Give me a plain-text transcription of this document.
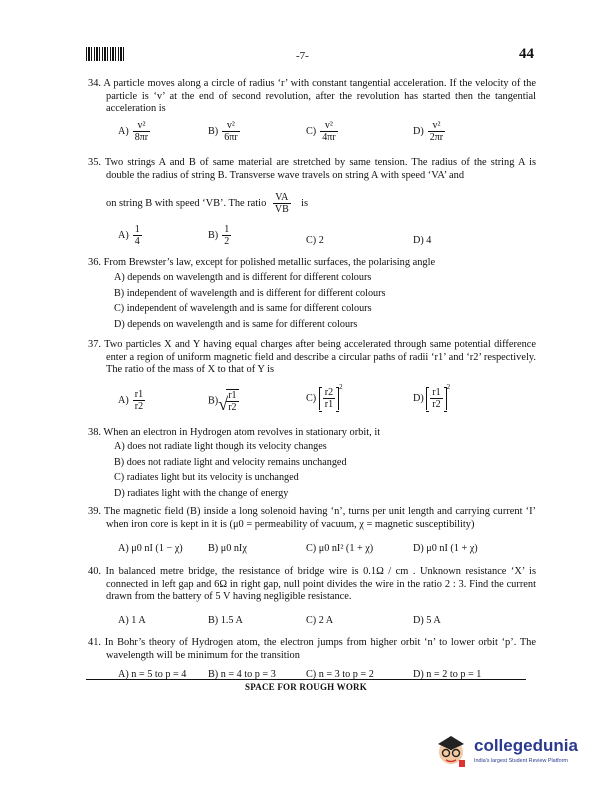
-7-	44
34. A particle moves along a circle of radius ‘r’ with constant tangential acceleration. If the velocity of the particle is ‘v’ at the end of second revolution, after the revolution has started then the tangential acceleration is
$A) \frac{\text{v²}}{8\pi r}$	$B) \frac{\text{v²}}{6\pi r}$	$C) \frac{\text{v²}}{4\pi r}$	$D) \frac{\text{v²}}{2\pi r}$
35. Two strings A and B of same material are stretched by same tension. The radius of the string A is double the radius of string B. Transverse wave travels on string A with speed ‘VA’ and
on string B with speed ‘VB’. The ratio $\frac{VA}{VB}$ is
$A) \frac{1}{4}$	$B) \frac{1}{2}$	C) 2	D) 4
36. From Brewster’s law, except for polished metallic surfaces, the polarising angle
A) depends on wavelength and is different for different colours
B) independent of wavelength and is different for different colours
C) independent of wavelength and is same for different colours
D) depends on wavelength and is same for different colours
37. Two particles X and Y having equal charges after being accelerated through same potential difference enter a region of uniform magnetic field and describe a circular paths of radii ‘r1’ and ‘r2’ respectively. The ratio of the mass of X to that of Y is
$A) \frac{r1}{r2}$	B) √
$\frac{r1}{r2}$	$C) \frac{r2}{r1} ^2$
$D) \frac{r1}{r2} ^2$
38. When an electron in Hydrogen atom revolves in stationary orbit, it
A) does not radiate light though its velocity changes
B) does not radiate light and velocity remains unchanged
C) radiates light but its velocity is unchanged
D) radiates light with the change of energy
39. The magnetic field (B) inside a long solenoid having ‘n’, turns per unit length and carrying current ‘I’ when iron core is kept in it is (μ0 = permeability of vacuum, χ = magnetic susceptibility)
A) μ0 nI (1 − χ) B) μ0 nIχ	C) μ0 nI² (1 + χ)	D) μ0 nI (1 + χ)
40. In balanced metre bridge, the resistance of bridge wire is 0.1Ω / cm . Unknown resistance ‘X’ is connected in left gap and 6Ω in right gap, null point divides the wire in the ratio 2 : 3. Find the current drawn from the battery of 5 V having negligible resistance.
A) 1 A	B) 1.5 A	C) 2 A	D) 5 A
41. In Bohr’s theory of Hydrogen atom, the electron jumps from higher orbit ‘n’ to lower orbit ‘p’. The wavelength will be minimum for the transition
A) n = 5 to p = 4 B) n = 4 to p = 3	C) n = 3 to p = 2	D) n = 2 to p = 1
SPACE FOR ROUGH WORK
collegedunia
India's largest Student Review Platform
